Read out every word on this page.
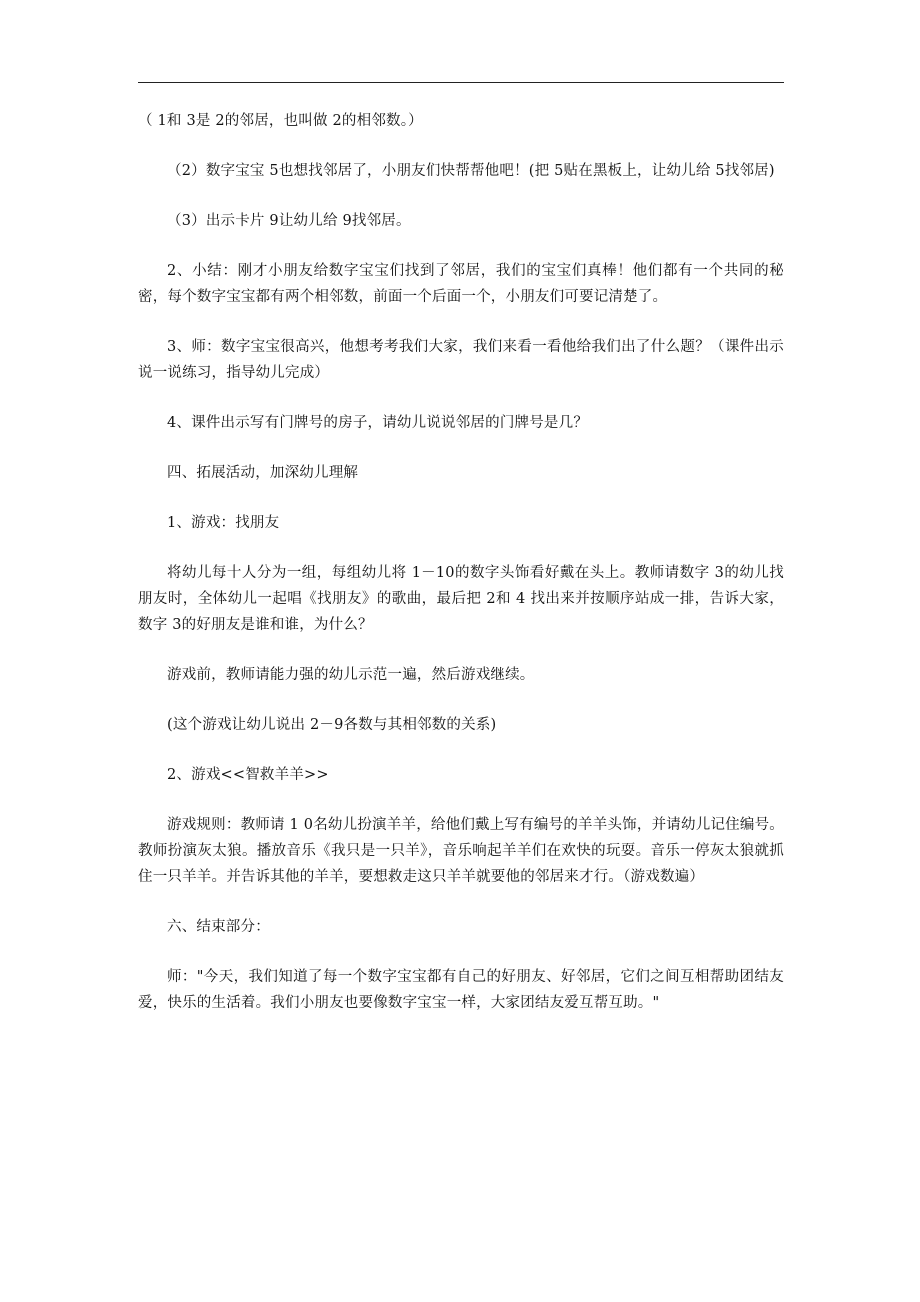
（ 1和 3是 2的邻居，也叫做 2的相邻数。）

（2）数字宝宝 5也想找邻居了，小朋友们快帮帮他吧！(把 5贴在黑板上，让幼儿给 5找邻居)

（3）出示卡片 9让幼儿给 9找邻居。

2、小结：刚才小朋友给数字宝宝们找到了邻居，我们的宝宝们真棒！他们都有一个共同的秘密，每个数字宝宝都有两个相邻数，前面一个后面一个，小朋友们可要记清楚了。

3、师：数字宝宝很高兴，他想考考我们大家，我们来看一看他给我们出了什么题？（课件出示说一说练习，指导幼儿完成）

4、课件出示写有门牌号的房子，请幼儿说说邻居的门牌号是几？

四、拓展活动，加深幼儿理解

1、游戏：找朋友

将幼儿每十人分为一组，每组幼儿将 1－10的数字头饰看好戴在头上。教师请数字 3的幼儿找朋友时，全体幼儿一起唱《找朋友》的歌曲，最后把 2和 4 找出来并按顺序站成一排，告诉大家，数字 3的好朋友是谁和谁，为什么？

游戏前，教师请能力强的幼儿示范一遍，然后游戏继续。

(这个游戏让幼儿说出 2－9各数与其相邻数的关系)

2、游戏<<智救羊羊>>

游戏规则：教师请 1 0名幼儿扮演羊羊，给他们戴上写有编号的羊羊头饰，并请幼儿记住编号。教师扮演灰太狼。播放音乐《我只是一只羊》，音乐响起羊羊们在欢快的玩耍。音乐一停灰太狼就抓住一只羊羊。并告诉其他的羊羊，要想救走这只羊羊就要他的邻居来才行。（游戏数遍）

六、结束部分：

师："今天，我们知道了每一个数字宝宝都有自己的好朋友、好邻居，它们之间互相帮助团结友爱，快乐的生活着。我们小朋友也要像数字宝宝一样，大家团结友爱互帮互助。"
